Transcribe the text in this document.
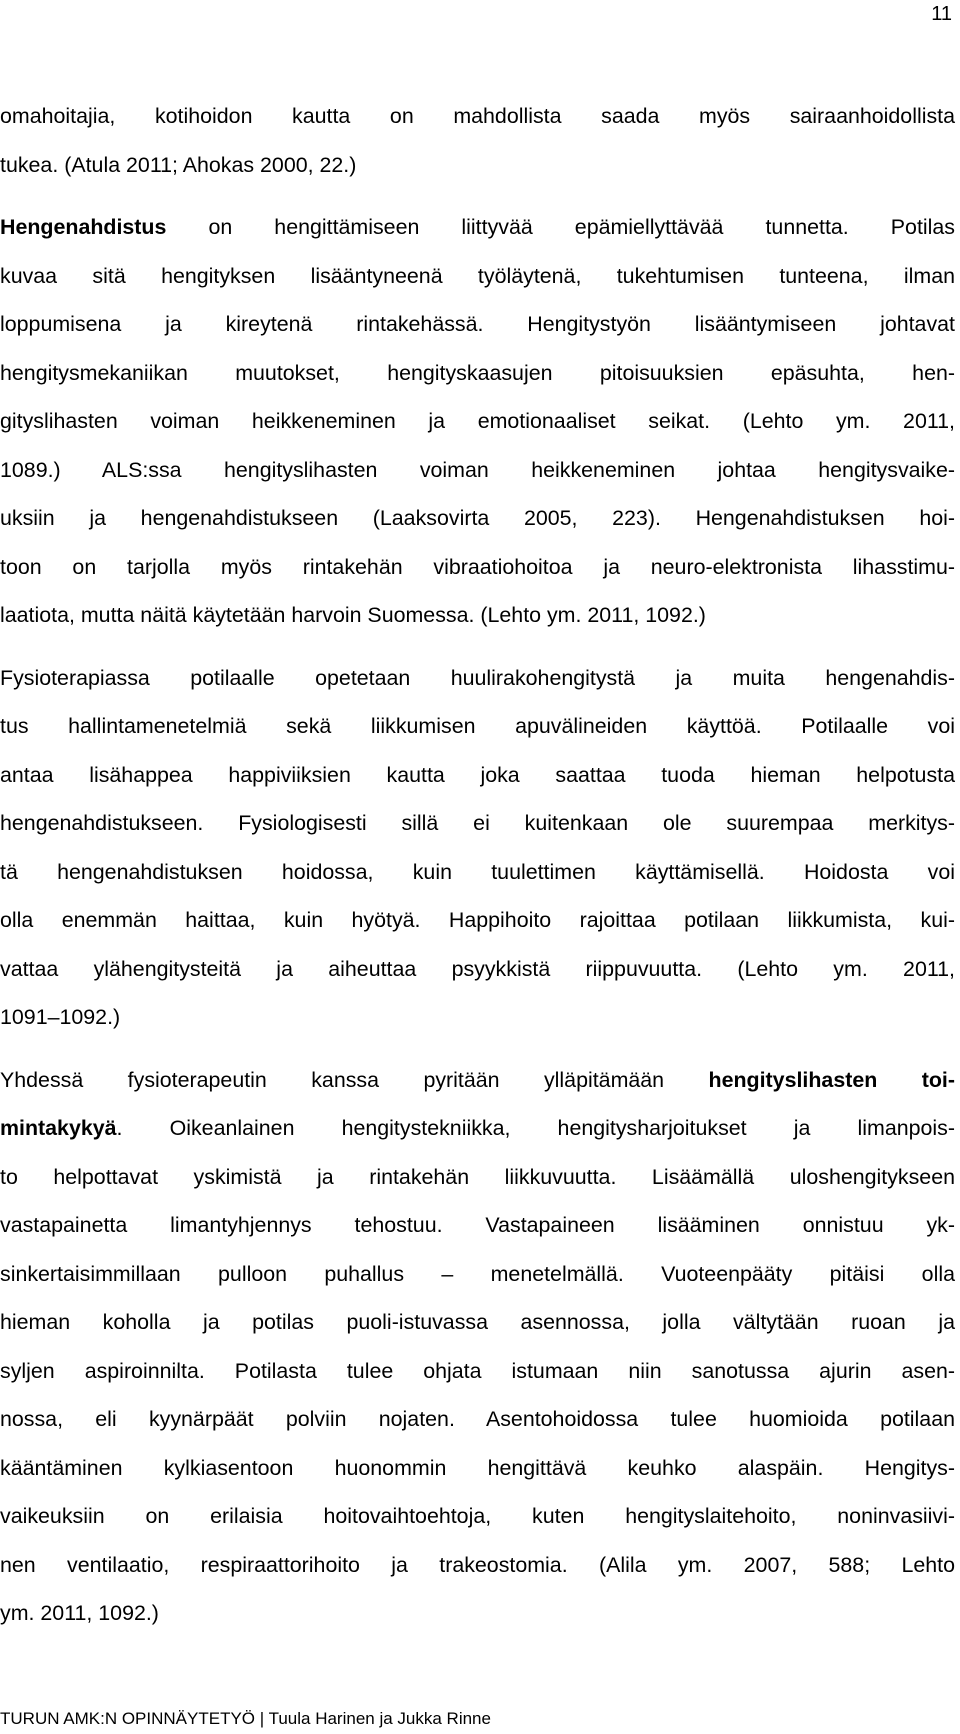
11
omahoitajia, kotihoidon kautta on mahdollista saada myös sairaanhoidollista
tukea. (Atula 2011; Ahokas 2000, 22.)
Hengenahdistus on hengittämiseen liittyvää epämiellyttävää tunnetta. Potilas
kuvaa sitä hengityksen lisääntyneenä työläytenä, tukehtumisen tunteena, ilman
loppumisena ja kireytenä rintakehässä. Hengitystyön lisääntymiseen johtavat
hengitysmekaniikan muutokset, hengityskaasujen pitoisuuksien epäsuhta, hen-
gityslihasten voiman heikkeneminen ja emotionaaliset seikat. (Lehto ym. 2011,
1089.) ALS:ssa hengityslihasten voiman heikkeneminen johtaa hengitysvaike-
uksiin ja hengenahdistukseen (Laaksovirta 2005, 223). Hengenahdistuksen hoi-
toon on tarjolla myös rintakehän vibraatiohoitoa ja neuro-elektronista lihasstimu-
laatiota, mutta näitä käytetään harvoin Suomessa. (Lehto ym. 2011, 1092.)
Fysioterapiassa potilaalle opetetaan huulirakohengitystä ja muita hengenahdis-
tus hallintamenetelmiä sekä liikkumisen apuvälineiden käyttöä. Potilaalle voi
antaa lisähappea happiviiksien kautta joka saattaa tuoda hieman helpotusta
hengenahdistukseen. Fysiologisesti sillä ei kuitenkaan ole suurempaa merkitys-
tä hengenahdistuksen hoidossa, kuin tuulettimen käyttämisellä. Hoidosta voi
olla enemmän haittaa, kuin hyötyä. Happihoito rajoittaa potilaan liikkumista, kui-
vattaa ylähengitysteitä ja aiheuttaa psyykkistä riippuvuutta. (Lehto ym. 2011,
1091–1092.)
Yhdessä fysioterapeutin kanssa pyritään ylläpitämään hengityslihasten toi-
mintakykyä. Oikeanlainen hengitystekniikka, hengitysharjoitukset ja limanpois-
to helpottavat yskimistä ja rintakehän liikkuvuutta. Lisäämällä uloshengitykseen
vastapainetta limantyhjennys tehostuu. Vastapaineen lisääminen onnistuu yk-
sinkertaisimmillaan pulloon puhallus – menetelmällä. Vuoteenpääty pitäisi olla
hieman koholla ja potilas puoli-istuvassa asennossa, jolla vältytään ruoan ja
syljen aspiroinnilta. Potilasta tulee ohjata istumaan niin sanotussa ajurin asen-
nossa, eli kyynärpäät polviin nojaten. Asentohoidossa tulee huomioida potilaan
kääntäminen kylkiasentoon huonommin hengittävä keuhko alaspäin. Hengitys-
vaikeuksiin on erilaisia hoitovaihtoehtoja, kuten hengityslaitehoito, noninvasiivi-
nen ventilaatio, respiraattorihoito ja trakeostomia. (Alila ym. 2007, 588; Lehto
ym. 2011, 1092.)
TURUN AMK:N OPINNÄYTETYÖ | Tuula Harinen ja Jukka Rinne
